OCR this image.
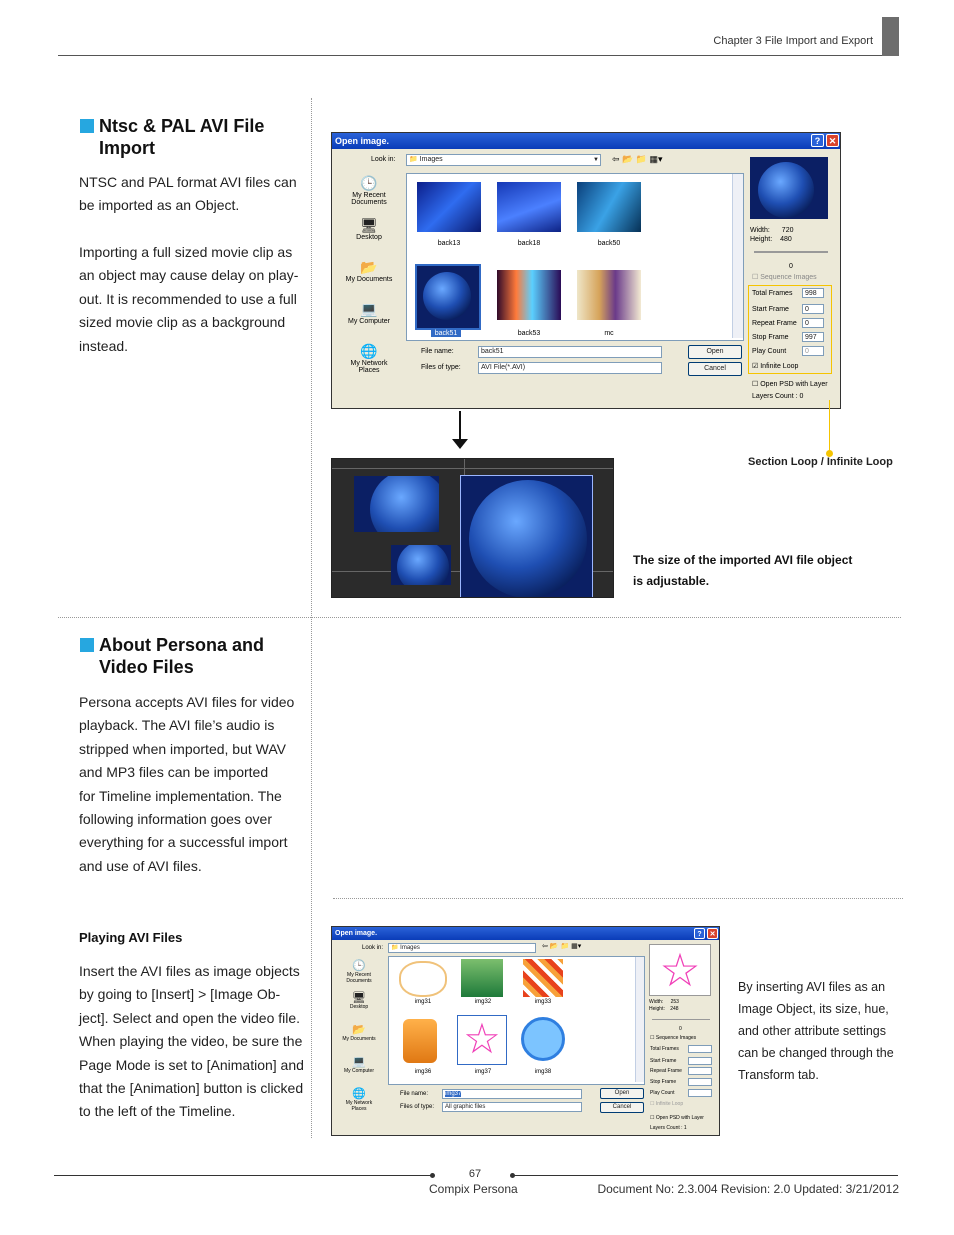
Chapter 3 File Import and Export
Ntsc & PAL AVI File
Import
NTSC and PAL format AVI files can
be imported as an Object.
Importing a full sized movie clip as
an object may cause delay on play-
out. It is recommended to use a full
sized movie clip as a background
instead.
Open image.	? ✕
Look in:	📁 Images	▼ ⇦ 📂 📁 ▦▾
🕒
My Recent Documents
🖥
Desktop
📂
My Documents
💻
My Computer
🌐
My Network Places
back13	back18	back50
back51	back53	mc
File name:	back51
Files of type:	AVI File(*.AVI)
Open
Cancel
Width: 720
Height: 480
0
☐ Sequence Images
Total Frames	998
Start Frame	0
Repeat Frame	0
Stop Frame	997
Play Count	0
☑ Infinite Loop
☐ Open PSD with Layer
Layers Count : 0
Section Loop / Infinite Loop
The size of the imported AVI file object
is adjustable.
About Persona and
Video Files
Persona accepts AVI files for video
playback. The AVI file’s audio is
stripped when imported, but WAV
and MP3 files can be imported
for Timeline implementation. The
following information goes over
everything for a successful import
and use of AVI files.
Playing AVI Files
Insert the AVI files as image objects
by going to [Insert] > [Image Ob-
ject]. Select and open the video file.
When playing the video, be sure the
Page Mode is set to [Animation] and
that the [Animation] button is clicked
to the left of the Timeline.
Open image.	?	✕
Look in:	📁 Images	⇦ 📂 📁 ▦▾
🕒
My Recent Documents
🖥
Desktop
📂
My Documents
💻
My Computer
🌐
My Network Places
img31	img32	img33
img36
☆
img37	img38
File name:	img37
Files of type:	All graphic files
Open
Cancel
☆
Width: 253
Height: 248
0
☐ Sequence Images
Total Frames
Start Frame
Repeat Frame
Stop Frame
Play Count
☐ Infinite Loop
☐ Open PSD with Layer
Layers Count : 1
By inserting AVI files as an
Image Object, its size, hue,
and other attribute settings
can be changed through the
Transform tab.
67
Compix Persona	Document No: 2.3.004 Revision: 2.0 Updated: 3/21/2012
